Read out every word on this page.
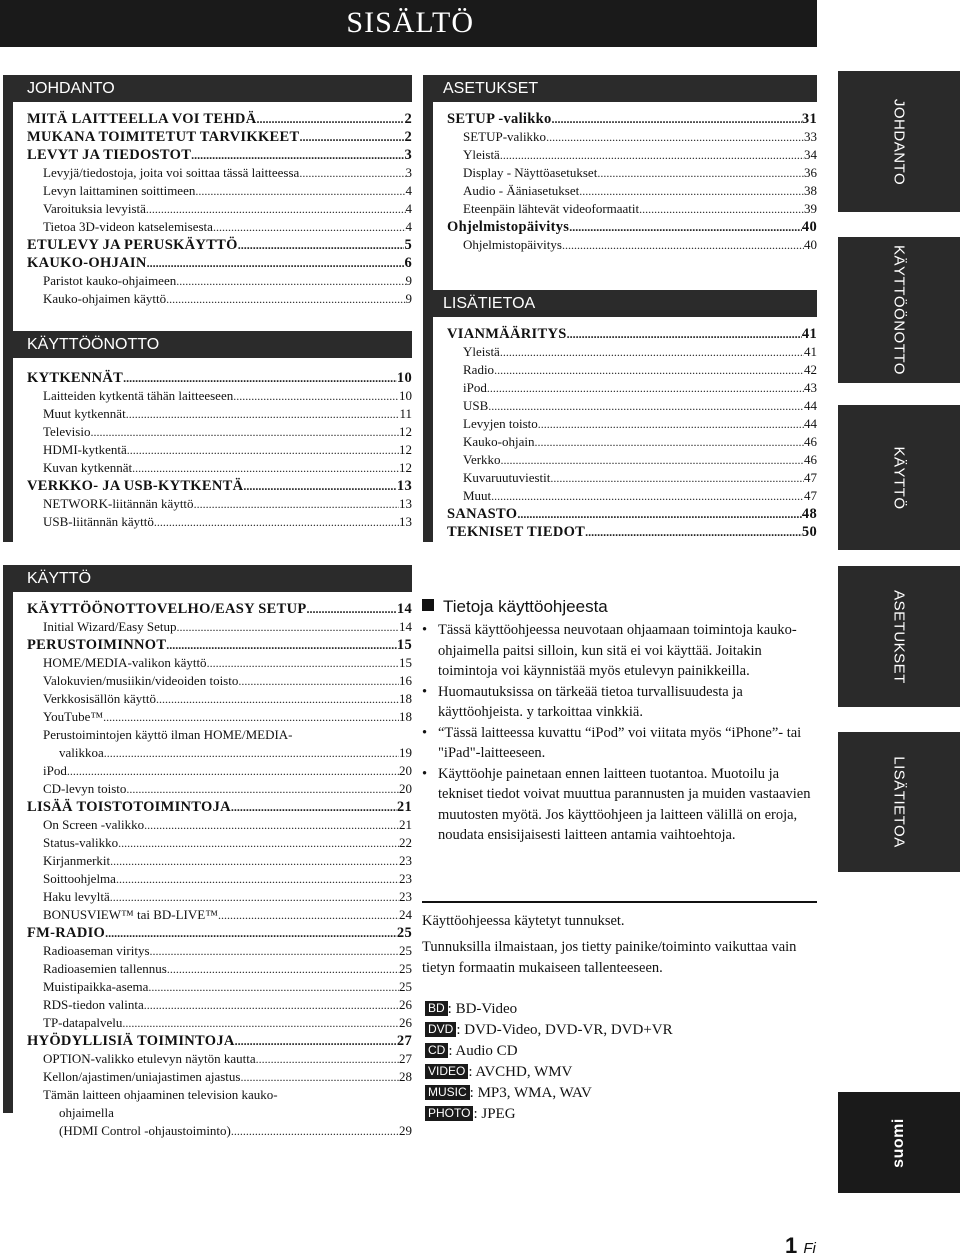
SISÄLTÖ
JOHDANTO
MITÄ LAITTEELLA VOI TEHDÄ .....	2
MUKANA TOIMITETUT TARVIKKEET .....	2
LEVYT JA TIEDOSTOT .....	3
Levyjä/tiedostoja, joita voi soittaa tässä laitteessa .....	3
Levyn laittaminen soittimeen .....	4
Varoituksia levyistä .....	4
Tietoa 3D-videon katselemisesta .....	4
ETULEVY JA PERUSKÄYTTÖ .....	5
KAUKO-OHJAIN .....	6
Paristot kauko-ohjaimeen .....	9
Kauko-ohjaimen käyttö .....	9
KÄYTTÖÖNOTTO
KYTKENNÄT .....	10
Laitteiden kytkentä tähän laitteeseen .....	10
Muut kytkennät .....	11
Televisio .....	12
HDMI-kytkentä .....	12
Kuvan kytkennät .....	12
VERKKO- JA USB-KYTKENTÄ .....	13
NETWORK-liitännän käyttö .....	13
USB-liitännän käyttö .....	13
ASETUKSET
SETUP -valikko .....	31
SETUP-valikko .....	33
Yleistä .....	34
Display - Näyttöasetukset .....	36
Audio - Ääniasetukset .....	38
Eteenpäin lähtevät videoformaatit .....	39
Ohjelmistopäivitys .....	40
Ohjelmistopäivitys .....	40
LISÄTIETOA
VIANMÄÄRITYS .....	41
Yleistä .....	41
Radio .....	42
iPod .....	43
USB .....	44
Levyjen toisto .....	44
Kauko-ohjain .....	46
Verkko .....	46
Kuvaruutuviestit .....	47
Muut .....	47
SANASTO .....	48
TEKNISET TIEDOT .....	50
KÄYTTÖ
KÄYTTÖÖNOTTOVELHO/EASY SETUP .....	14
Initial Wizard/Easy Setup .....	14
PERUSTOIMINNOT .....	15
HOME/MEDIA-valikon käyttö .....	15
Valokuvien/musiikin/videoiden toisto .....	16
Verkkosisällön käyttö .....	18
YouTube™ .....	18
Perustoimintojen käyttö ilman HOME/MEDIA-
valikkoa .....	19
iPod .....	20
CD-levyn toisto .....	20
LISÄÄ TOISTOTOIMINTOJA .....	21
On Screen -valikko .....	21
Status-valikko .....	22
Kirjanmerkit .....	23
Soittoohjelma .....	23
Haku levyltä .....	23
BONUSVIEW™ tai BD-LIVE™ .....	24
FM-RADIO .....	25
Radioaseman viritys .....	25
Radioasemien tallennus .....	25
Muistipaikka-asema .....	25
RDS-tiedon valinta .....	26
TP-datapalvelu .....	26
HYÖDYLLISIÄ TOIMINTOJA .....	27
OPTION-valikko etulevyn näytön kautta .....	27
Kellon/ajastimen/uniajastimen ajastus .....	28
Tämän laitteen ohjaaminen television kauko-
ohjaimella
(HDMI Control -ohjaustoiminto) .....	29
JOHDANTO
KÄYTTÖÖNOTTO
KÄYTTÖ
ASETUKSET
LISÄTIETOA
suomi
Tietoja käyttöohjeesta
• Tässä käyttöohjeessa neuvotaan ohjaamaan toimintoja kauko-ohjaimella paitsi silloin, kun sitä ei voi käyttää. Joitakin toimintoja voi käynnistää myös etulevyn painikkeilla.
• Huomautuksissa on tärkeää tietoa turvallisuudesta ja käyttöohjeista. y tarkoittaa vinkkiä.
• “Tässä laitteessa kuvattu “iPod” voi viitata myös “iPhone”- tai "iPad"-laitteeseen.
• Käyttöohje painetaan ennen laitteen tuotantoa. Muotoilu ja tekniset tiedot voivat muuttua parannusten ja muiden vastaavien muutosten myötä. Jos käyttöohjeen ja laitteen välillä on eroja, noudata ensisijaisesti laitteen antamia vaihtoehtoja.
Käyttöohjeessa käytetyt tunnukset.
Tunnuksilla ilmaistaan, jos tietty painike/toiminto vaikuttaa vain tietyn formaatin mukaiseen tallenteeseen.
BD : BD-Video
DVD : DVD-Video, DVD-VR, DVD+VR
CD : Audio CD
VIDEO : AVCHD, WMV
MUSIC : MP3, WMA, WAV
PHOTO : JPEG
1 Fi
